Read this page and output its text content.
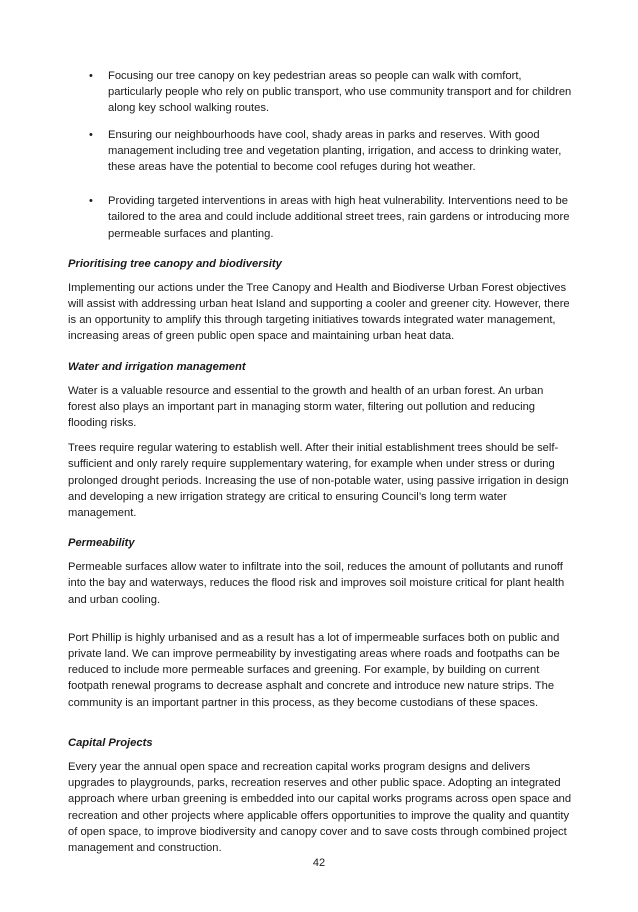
• Focusing our tree canopy on key pedestrian areas so people can walk with comfort, particularly people who rely on public transport, who use community transport and for children along key school walking routes.
• Ensuring our neighbourhoods have cool, shady areas in parks and reserves. With good management including tree and vegetation planting, irrigation, and access to drinking water, these areas have the potential to become cool refuges during hot weather.
• Providing targeted interventions in areas with high heat vulnerability. Interventions need to be tailored to the area and could include additional street trees, rain gardens or introducing more permeable surfaces and planting.
Prioritising tree canopy and biodiversity

Implementing our actions under the Tree Canopy and Health and Biodiverse Urban Forest objectives will assist with addressing urban heat Island and supporting a cooler and greener city. However, there is an opportunity to amplify this through targeting initiatives towards integrated water management, increasing areas of green public open space and maintaining urban heat data.

Water and irrigation management

Water is a valuable resource and essential to the growth and health of an urban forest. An urban forest also plays an important part in managing storm water, filtering out pollution and reducing flooding risks.

Trees require regular watering to establish well. After their initial establishment trees should be self-sufficient and only rarely require supplementary watering, for example when under stress or during prolonged drought periods. Increasing the use of non-potable water, using passive irrigation in design and developing a new irrigation strategy are critical to ensuring Council’s long term water management.

Permeability

Permeable surfaces allow water to infiltrate into the soil, reduces the amount of pollutants and runoff into the bay and waterways, reduces the flood risk and improves soil moisture critical for plant health and urban cooling.

Port Phillip is highly urbanised and as a result has a lot of impermeable surfaces both on public and private land. We can improve permeability by investigating areas where roads and footpaths can be reduced to include more permeable surfaces and greening. For example, by building on current footpath renewal programs to decrease asphalt and concrete and introduce new nature strips. The community is an important partner in this process, as they become custodians of these spaces.

Capital Projects

Every year the annual open space and recreation capital works program designs and delivers upgrades to playgrounds, parks, recreation reserves and other public space. Adopting an integrated approach where urban greening is embedded into our capital works programs across open space and recreation and other projects where applicable offers opportunities to improve the quality and quantity of open space, to improve biodiversity and canopy cover and to save costs through combined project management and construction.

42
